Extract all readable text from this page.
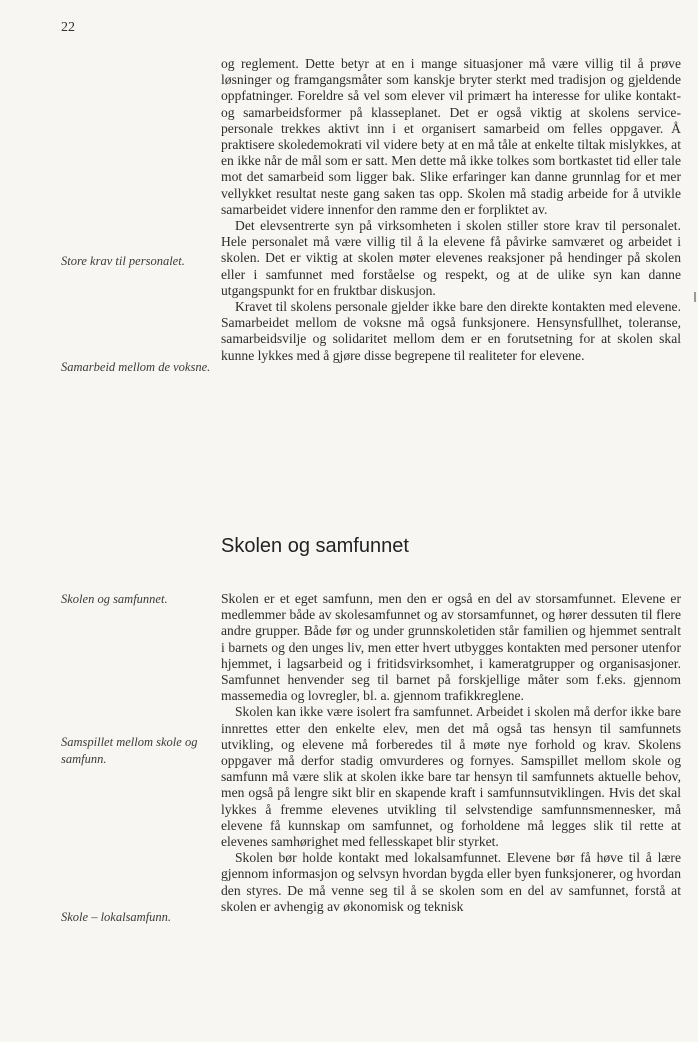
22
Store krav til personalet.
Samarbeid mellom de voksne.
Skolen og samfunnet.
Samspillet mellom skole og samfunn.
Skole – lokalsamfunn.

og reglement. Dette betyr at en i mange situasjoner må være villig til å prøve løsninger og framgangsmåter som kanskje bryter sterkt med tradisjon og gjeldende oppfatninger. Foreldre så vel som elever vil primært ha interesse for ulike kontakt- og samarbeidsformer på klasseplanet. Det er også viktig at skolens service-personale trekkes aktivt inn i et organisert samarbeid om felles oppgaver. Å praktisere skoledemokrati vil videre bety at en må tåle at enkelte tiltak mislykkes, at en ikke når de mål som er satt. Men dette må ikke tolkes som bortkastet tid eller tale mot det samarbeid som ligger bak. Slike erfaringer kan danne grunnlag for et mer vellykket resultat neste gang saken tas opp. Skolen må stadig arbeide for å utvikle samarbeidet videre innenfor den ramme den er forpliktet av.

Det elevsentrerte syn på virksomheten i skolen stiller store krav til personalet. Hele personalet må være villig til å la elevene få påvirke samværet og arbeidet i skolen. Det er viktig at skolen møter elevenes reaksjoner på hendinger på skolen eller i samfunnet med forståelse og respekt, og at de ulike syn kan danne utgangspunkt for en fruktbar diskusjon.

Kravet til skolens personale gjelder ikke bare den direkte kontakten med elevene. Samarbeidet mellom de voksne må også funksjonere. Hensynsfullhet, toleranse, samarbeidsvilje og solidaritet mellom dem er en forutsetning for at skolen skal kunne lykkes med å gjøre disse begrepene til realiteter for elevene.

Skolen og samfunnet

Skolen er et eget samfunn, men den er også en del av storsamfunnet. Elevene er medlemmer både av skolesamfunnet og av storsamfunnet, og hører dessuten til flere andre grupper. Både før og under grunnskoletiden står familien og hjemmet sentralt i barnets og den unges liv, men etter hvert utbygges kontakten med personer utenfor hjemmet, i lagsarbeid og i fritidsvirksomhet, i kameratgrupper og organisasjoner. Samfunnet henvender seg til barnet på forskjellige måter som f.eks. gjennom massemedia og lovregler, bl. a. gjennom trafikkreglene.

Skolen kan ikke være isolert fra samfunnet. Arbeidet i skolen må derfor ikke bare innrettes etter den enkelte elev, men det må også tas hensyn til samfunnets utvikling, og elevene må forberedes til å møte nye forhold og krav. Skolens oppgaver må derfor stadig omvurderes og fornyes. Samspillet mellom skole og samfunn må være slik at skolen ikke bare tar hensyn til samfunnets aktuelle behov, men også på lengre sikt blir en skapende kraft i samfunnsutviklingen. Hvis det skal lykkes å fremme elevenes utvikling til selvstendige samfunnsmennesker, må elevene få kunnskap om samfunnet, og forholdene må legges slik til rette at elevenes samhørighet med fellesskapet blir styrket.

Skolen bør holde kontakt med lokalsamfunnet. Elevene bør få høve til å lære gjennom informasjon og selvsyn hvordan bygda eller byen funksjonerer, og hvordan den styres. De må venne seg til å se skolen som en del av samfunnet, forstå at skolen er avhengig av økonomisk og teknisk
